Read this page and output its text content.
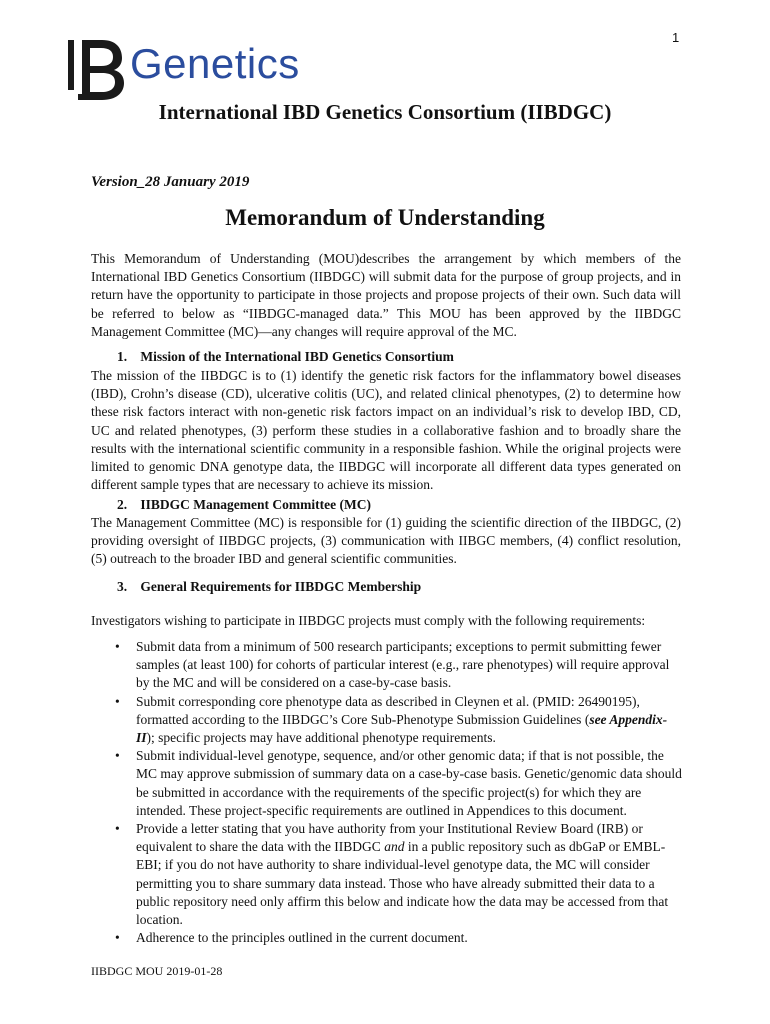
1
Genetics
International IBD Genetics Consortium (IIBDGC)
Version_28 January 2019
Memorandum of Understanding

This Memorandum of Understanding (MOU)describes the arrangement by which members of the International IBD Genetics Consortium (IIBDGC) will submit data for the purpose of group projects, and in return have the opportunity to participate in those projects and propose projects of their own. Such data will be referred to below as “IIBDGC-managed data.” This MOU has been approved by the IIBDGC Management Committee (MC)—any changes will require approval of the MC.

1. Mission of the International IBD Genetics Consortium

The mission of the IIBDGC is to (1) identify the genetic risk factors for the inflammatory bowel diseases (IBD), Crohn’s disease (CD), ulcerative colitis (UC), and related clinical phenotypes, (2) to determine how these risk factors interact with non-genetic risk factors impact on an individual’s risk to develop IBD, CD, UC and related phenotypes, (3) perform these studies in a collaborative fashion and to broadly share the results with the international scientific community in a responsible fashion. While the original projects were limited to genomic DNA genotype data, the IIBDGC will incorporate all different data types generated on different sample types that are necessary to achieve its mission.

2. IIBDGC Management Committee (MC)

The Management Committee (MC) is responsible for (1) guiding the scientific direction of the IIBDGC, (2) providing oversight of IIBDGC projects, (3) communication with IIBGC members, (4) conflict resolution, (5) outreach to the broader IBD and general scientific communities.

3. General Requirements for IIBDGC Membership

Investigators wishing to participate in IIBDGC projects must comply with the following requirements:

• Submit data from a minimum of 500 research participants; exceptions to permit submitting fewer samples (at least 100) for cohorts of particular interest (e.g., rare phenotypes) will require approval by the MC and will be considered on a case-by-case basis.
• Submit corresponding core phenotype data as described in Cleynen et al. (PMID: 26490195), formatted according to the IIBDGC’s Core Sub-Phenotype Submission Guidelines (see Appendix-II); specific projects may have additional phenotype requirements.
• Submit individual-level genotype, sequence, and/or other genomic data; if that is not possible, the MC may approve submission of summary data on a case-by-case basis. Genetic/genomic data should be submitted in accordance with the requirements of the specific project(s) for which they are intended. These project-specific requirements are outlined in Appendices to this document.
• Provide a letter stating that you have authority from your Institutional Review Board (IRB) or equivalent to share the data with the IIBDGC and in a public repository such as dbGaP or EMBL-EBI; if you do not have authority to share individual-level genotype data, the MC will consider permitting you to share summary data instead. Those who have already submitted their data to a public repository need only affirm this below and indicate how the data may be accessed from that location.
• Adherence to the principles outlined in the current document.
IIBDGC MOU 2019-01-28
